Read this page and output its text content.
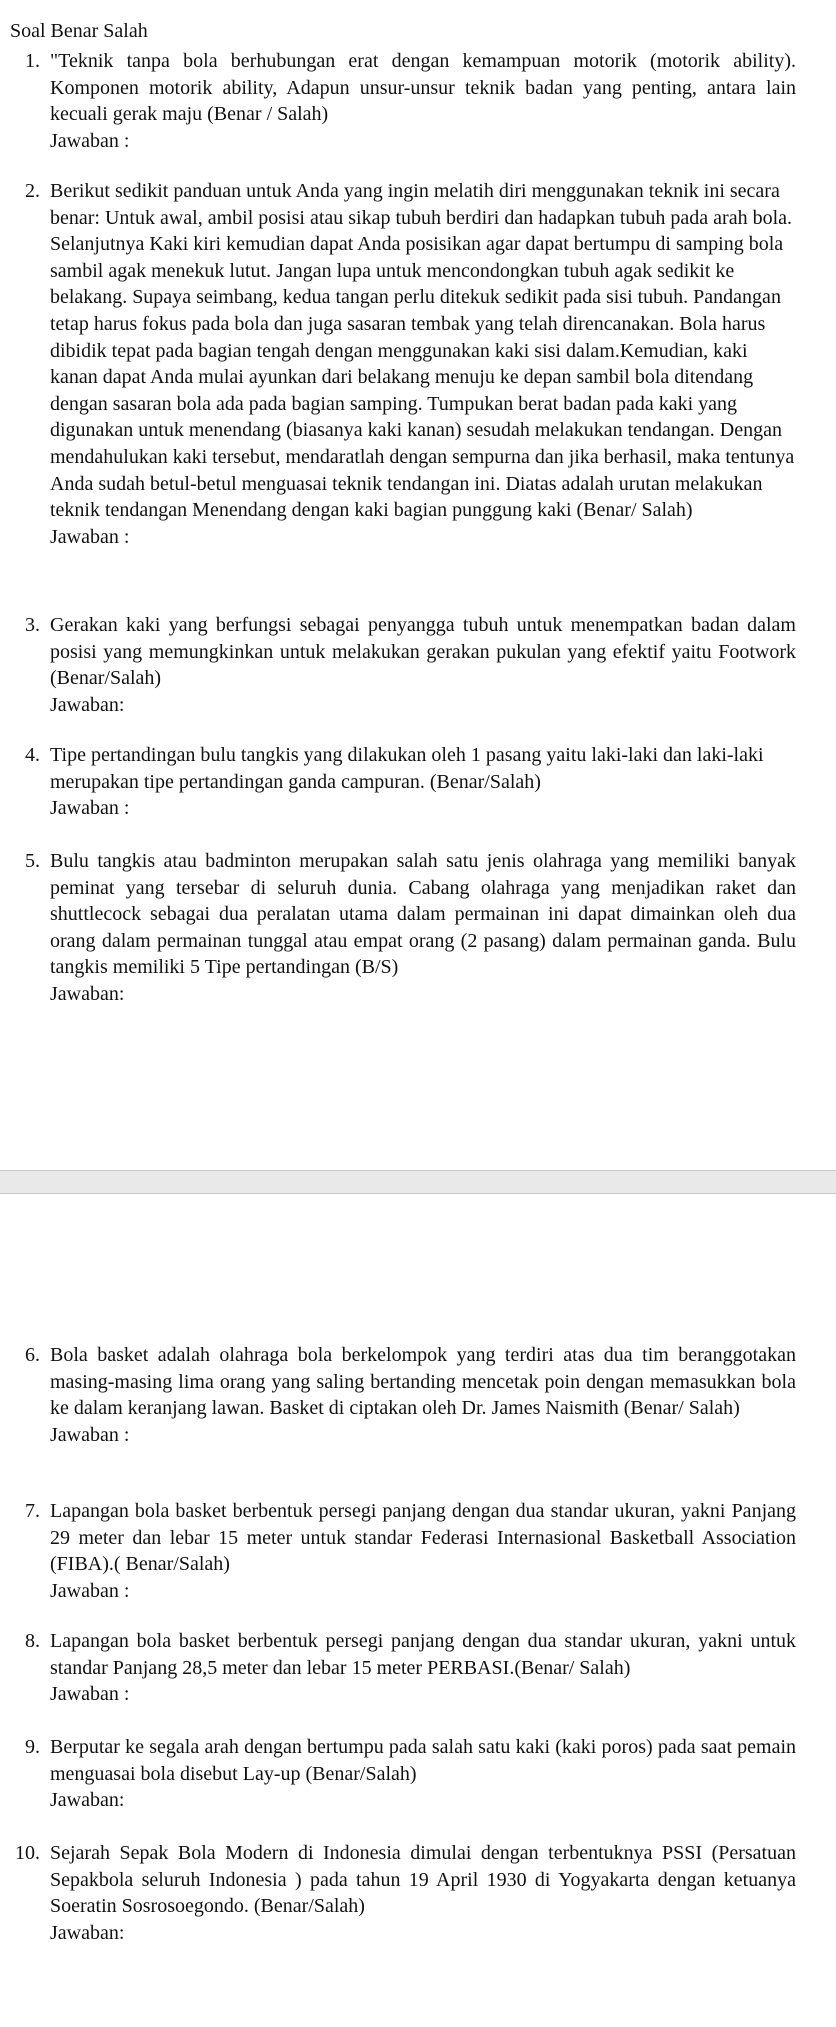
Soal Benar Salah
1. "Teknik tanpa bola berhubungan erat dengan kemampuan motorik (motorik ability). Komponen motorik ability, Adapun unsur-unsur teknik badan yang penting, antara lain kecuali gerak maju (Benar / Salah)
Jawaban :
2. Berikut sedikit panduan untuk Anda yang ingin melatih diri menggunakan teknik ini secara benar: Untuk awal, ambil posisi atau sikap tubuh berdiri dan hadapkan tubuh pada arah bola. Selanjutnya Kaki kiri kemudian dapat Anda posisikan agar dapat bertumpu di samping bola sambil agak menekuk lutut. Jangan lupa untuk mencondongkan tubuh agak sedikit ke belakang. Supaya seimbang, kedua tangan perlu ditekuk sedikit pada sisi tubuh. Pandangan tetap harus fokus pada bola dan juga sasaran tembak yang telah direncanakan. Bola harus dibidik tepat pada bagian tengah dengan menggunakan kaki sisi dalam.Kemudian, kaki kanan dapat Anda mulai ayunkan dari belakang menuju ke depan sambil bola ditendang dengan sasaran bola ada pada bagian samping. Tumpukan berat badan pada kaki yang digunakan untuk menendang (biasanya kaki kanan) sesudah melakukan tendangan. Dengan mendahulukan kaki tersebut, mendaratlah dengan sempurna dan jika berhasil, maka tentunya Anda sudah betul-betul menguasai teknik tendangan ini. Diatas adalah urutan melakukan teknik tendangan Menendang dengan kaki bagian punggung kaki (Benar/ Salah)
Jawaban :
3. Gerakan kaki yang berfungsi sebagai penyangga tubuh untuk menempatkan badan dalam posisi yang memungkinkan untuk melakukan gerakan pukulan yang efektif yaitu Footwork (Benar/Salah)
Jawaban:
4. Tipe pertandingan bulu tangkis yang dilakukan oleh 1 pasang yaitu laki-laki dan laki-laki merupakan tipe pertandingan ganda campuran. (Benar/Salah)
Jawaban :
5. Bulu tangkis atau badminton merupakan salah satu jenis olahraga yang memiliki banyak peminat yang tersebar di seluruh dunia. Cabang olahraga yang menjadikan raket dan shuttlecock sebagai dua peralatan utama dalam permainan ini dapat dimainkan oleh dua orang dalam permainan tunggal atau empat orang (2 pasang) dalam permainan ganda. Bulu tangkis memiliki 5 Tipe pertandingan (B/S)
Jawaban:
6. Bola basket adalah olahraga bola berkelompok yang terdiri atas dua tim beranggotakan masing-masing lima orang yang saling bertanding mencetak poin dengan memasukkan bola ke dalam keranjang lawan. Basket di ciptakan oleh Dr. James Naismith (Benar/ Salah)
Jawaban :
7. Lapangan bola basket berbentuk persegi panjang dengan dua standar ukuran, yakni Panjang 29 meter dan lebar 15 meter untuk standar Federasi Internasional Basketball Association (FIBA).( Benar/Salah)
Jawaban :
8. Lapangan bola basket berbentuk persegi panjang dengan dua standar ukuran, yakni untuk standar Panjang 28,5 meter dan lebar 15 meter PERBASI.(Benar/ Salah)
Jawaban :
9. Berputar ke segala arah dengan bertumpu pada salah satu kaki (kaki poros) pada saat pemain menguasai bola disebut Lay-up (Benar/Salah)
Jawaban:
10. Sejarah Sepak Bola Modern di Indonesia dimulai dengan terbentuknya PSSI (Persatuan Sepakbola seluruh Indonesia ) pada tahun 19 April 1930 di Yogyakarta dengan ketuanya Soeratin Sosrosoegondo. (Benar/Salah)
Jawaban:
